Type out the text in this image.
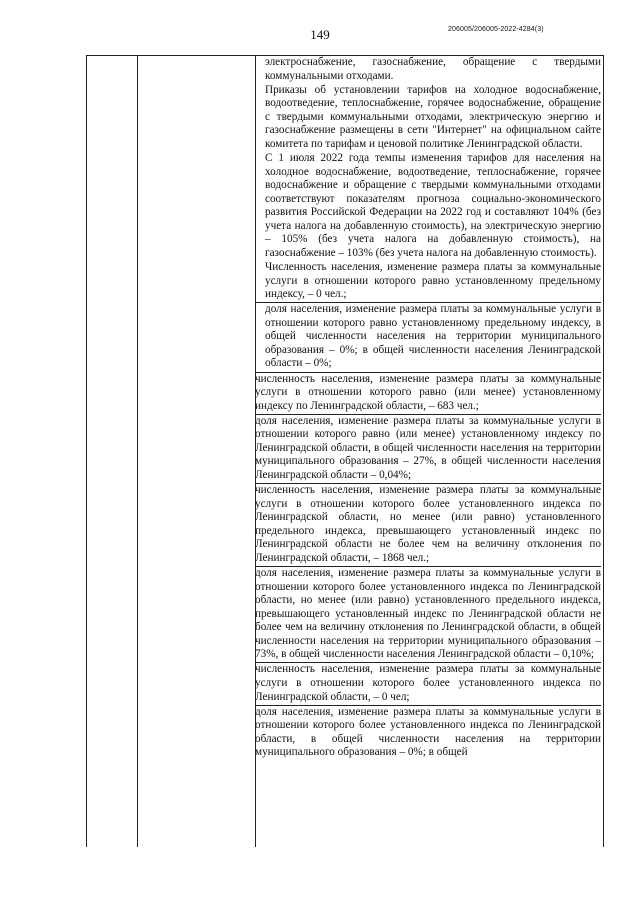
149	206005/206005-2022-4284(3)

электроснабжение, газоснабжение, обращение с твердыми коммунальными отходами.

Приказы об установлении тарифов на холодное водоснабжение, водоотведение, теплоснабжение, горячее водоснабжение, обращение с твердыми коммунальными отходами, электрическую энергию и газоснабжение размещены в сети "Интернет" на официальном сайте комитета по тарифам и ценовой политике Ленинградской области.

С 1 июля 2022 года темпы изменения тарифов для населения на холодное водоснабжение, водоотведение, теплоснабжение, горячее водоснабжение и обращение с твердыми коммунальными отходами соответствуют показателям прогноза социально-экономического развития Российской Федерации на 2022 год и составляют 104% (без учета налога на добавленную стоимость), на электрическую энергию – 105% (без учета налога на добавленную стоимость), на газоснабжение – 103% (без учета налога на добавленную стоимость).

Численность населения, изменение размера платы за коммунальные услуги в отношении которого равно установленному предельному индексу, – 0 чел.;

доля населения, изменение размера платы за коммунальные услуги в отношении которого равно установленному предельному индексу, в общей численности населения на территории муниципального образования – 0%; в общей численности населения Ленинградской области – 0%;

численность населения, изменение размера платы за коммунальные услуги в отношении которого равно (или менее) установленному индексу по Ленинградской области, – 683 чел.;

доля населения, изменение размера платы за коммунальные услуги в отношении которого равно (или менее) установленному индексу по Ленинградской области, в общей численности населения на территории муниципального образования – 27%, в общей численности населения Ленинградской области – 0,04%;

численность населения, изменение размера платы за коммунальные услуги в отношении которого более установленного индекса по Ленинградской области, но менее (или равно) установленного предельного индекса, превышающего установленный индекс по Ленинградской области не более чем на величину отклонения по Ленинградской области, – 1868 чел.;

доля населения, изменение размера платы за коммунальные услуги в отношении которого более установленного индекса по Ленинградской области, но менее (или равно) установленного предельного индекса, превышающего установленный индекс по Ленинградской области не более чем на величину отклонения по Ленинградской области, в общей численности населения на территории муниципального образования – 73%, в общей численности населения Ленинградской области – 0,10%;

численность населения, изменение размера платы за коммунальные услуги в отношении которого более установленного индекса по Ленинградской области, – 0 чел;

доля населения, изменение размера платы за коммунальные услуги в отношении которого более установленного индекса по Ленинградской области, в общей численности населения на территории муниципального образования – 0%; в общей
